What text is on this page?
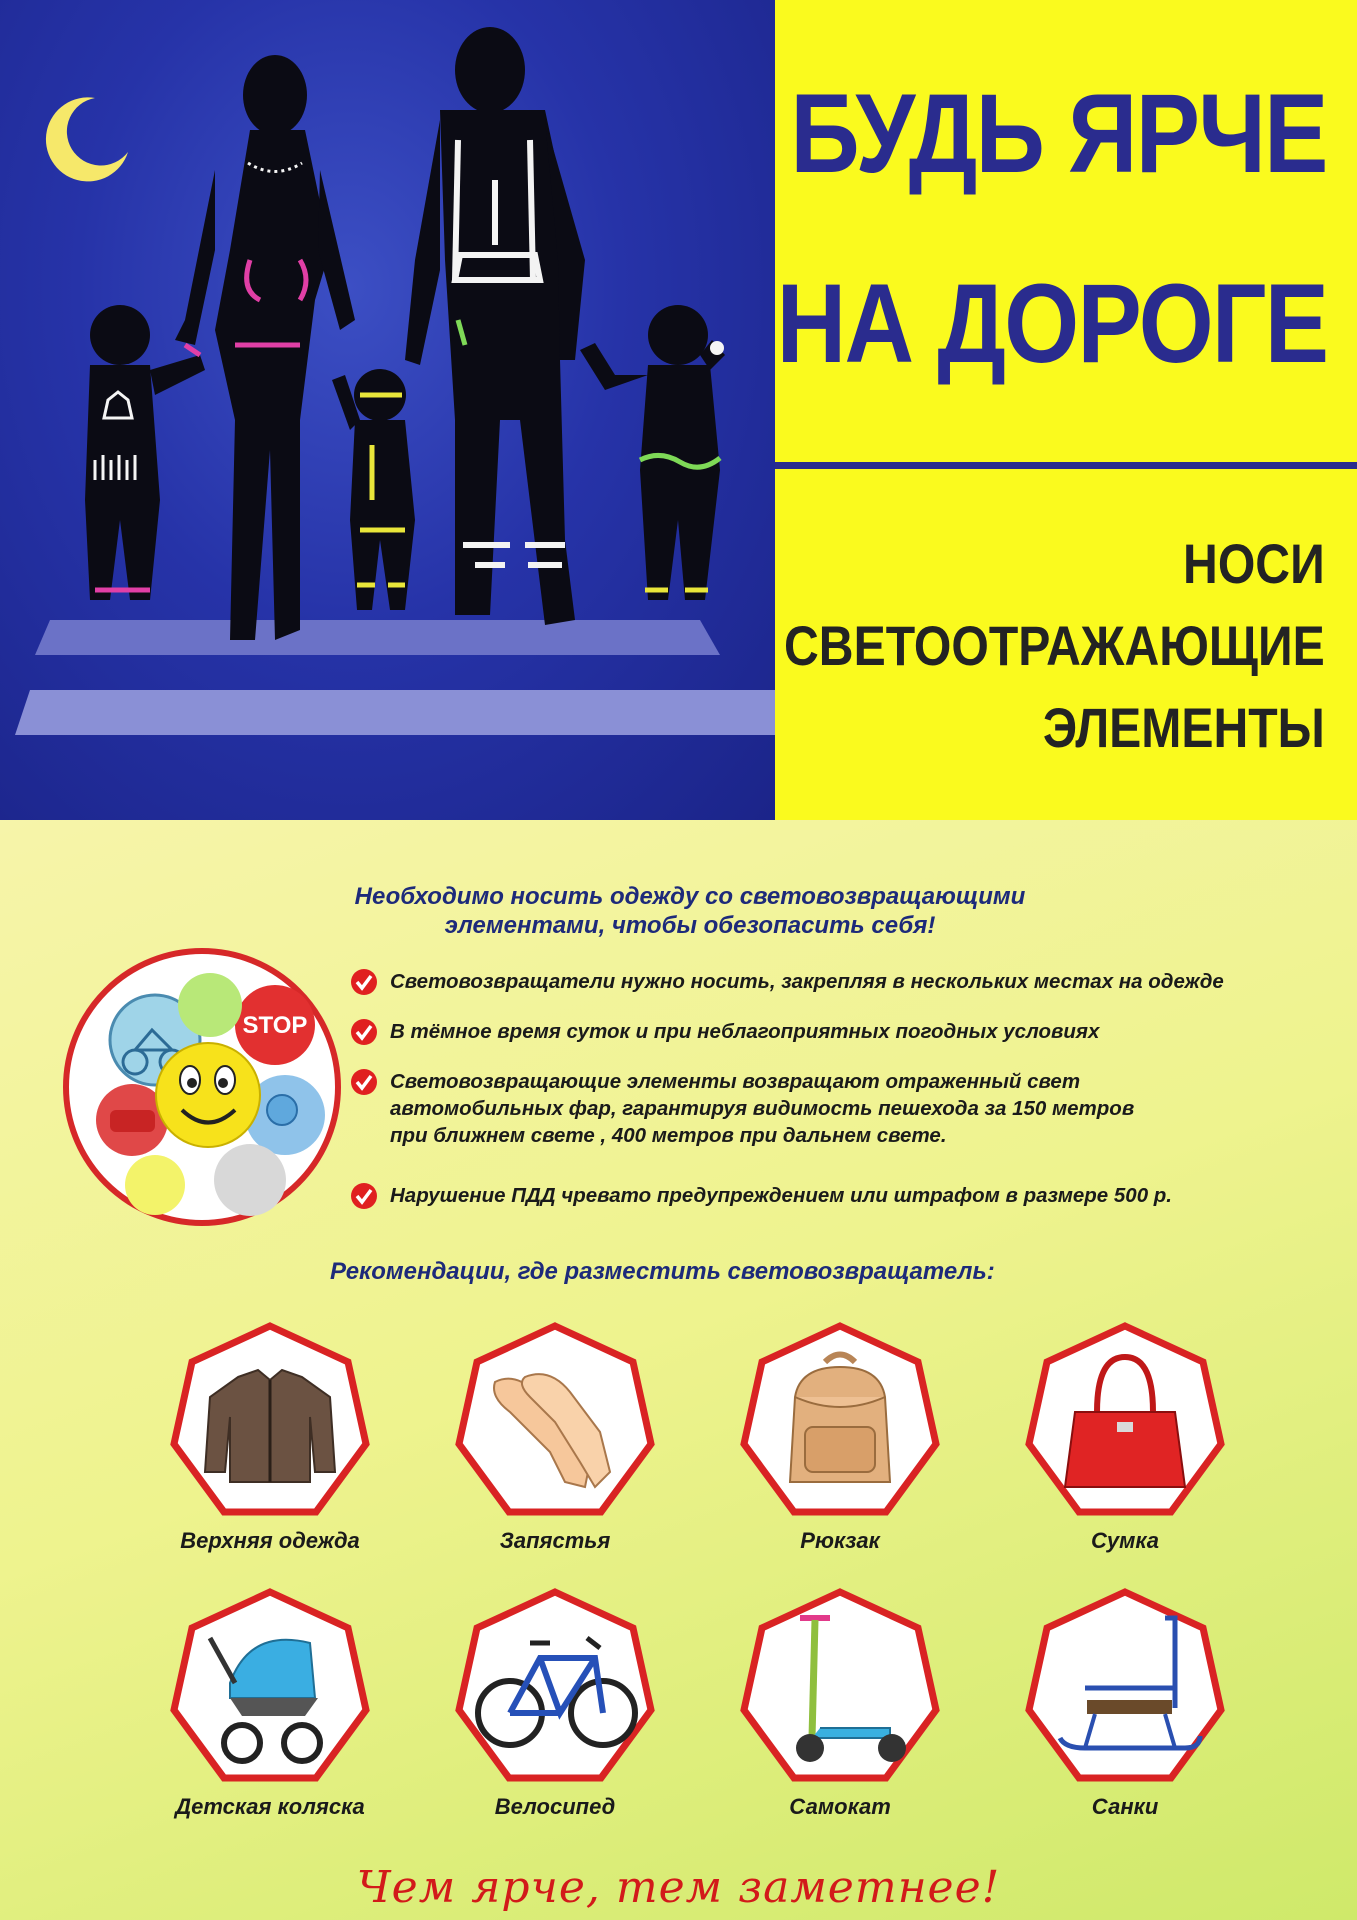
БУДЬ ЯРЧЕ
НА ДОРОГЕ

НОСИ

СВЕТООТРАЖАЮЩИЕ

ЭЛЕМЕНТЫ

Необходимо носить одежду со световозвращающими
элементами, чтобы обезопасить себя!

STOP
Световозвращатели нужно носить, закрепляя в нескольких местах на одежде
В тёмное время суток и при неблагоприятных погодных условиях
Световозвращающие элементы возвращают отраженный свет
автомобильных фар, гарантируя видимость пешехода за 150 метров
при ближнем свете , 400 метров при дальнем свете.
Нарушение ПДД чревато предупреждением или штрафом в размере 500 р.

Рекомендации, где разместить световозвращатель:

Верхняя одежда	Запястья	Рюкзак	Сумка
Детская коляска	Велосипед	Самокат	Санки

Чем ярче, тем заметнее!
